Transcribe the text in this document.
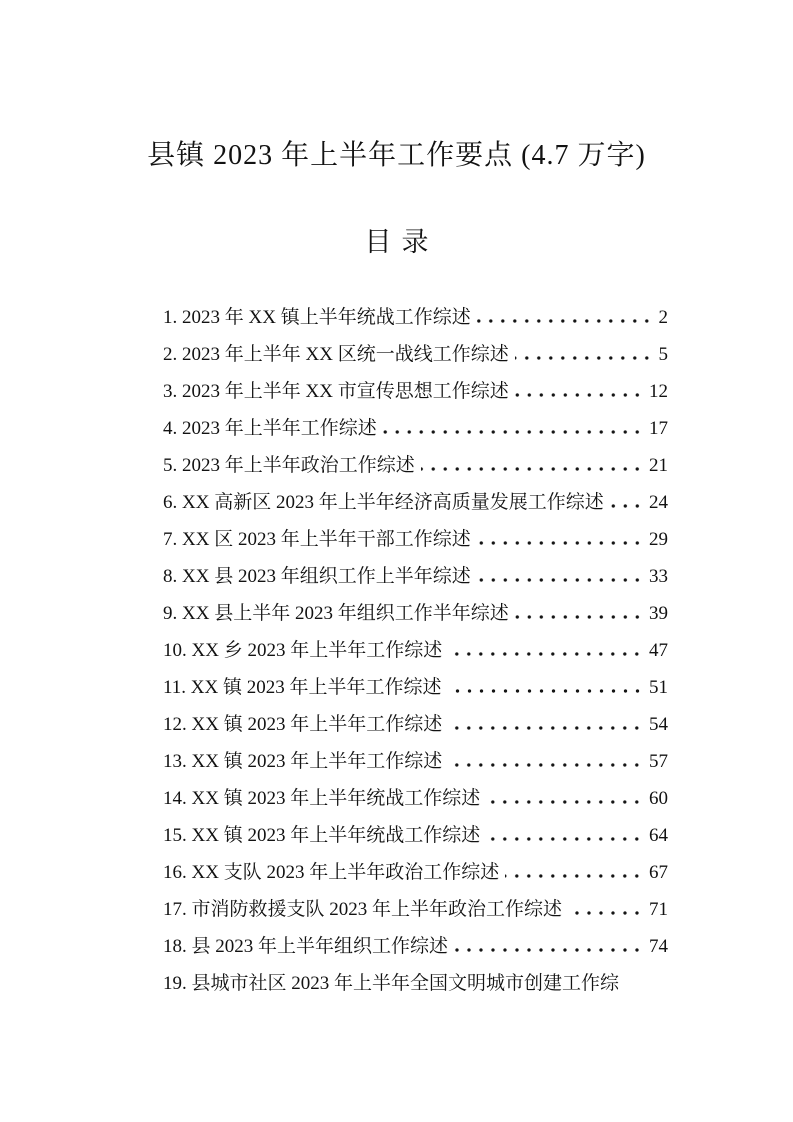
县镇 2023 年上半年工作要点 (4.7 万字)
目录
1. 2023 年 XX 镇上半年统战工作综述	2
2. 2023 年上半年 XX 区统一战线工作综述	5
3. 2023 年上半年 XX 市宣传思想工作综述	12
4. 2023 年上半年工作综述	17
5. 2023 年上半年政治工作综述	21
6. XX 高新区 2023 年上半年经济高质量发展工作综述 24
7. XX 区 2023 年上半年干部工作综述	29
8. XX 县 2023 年组织工作上半年综述	33
9. XX 县上半年 2023 年组织工作半年综述	39
10. XX 乡 2023 年上半年工作综述	47
11. XX 镇 2023 年上半年工作综述	51
12. XX 镇 2023 年上半年工作综述	54
13. XX 镇 2023 年上半年工作综述	57
14. XX 镇 2023 年上半年统战工作综述	60
15. XX 镇 2023 年上半年统战工作综述	64
16. XX 支队 2023 年上半年政治工作综述	67
17. 市消防救援支队 2023 年上半年政治工作综述	71
18. 县 2023 年上半年组织工作综述	74
19. 县城市社区 2023 年上半年全国文明城市创建工作综
